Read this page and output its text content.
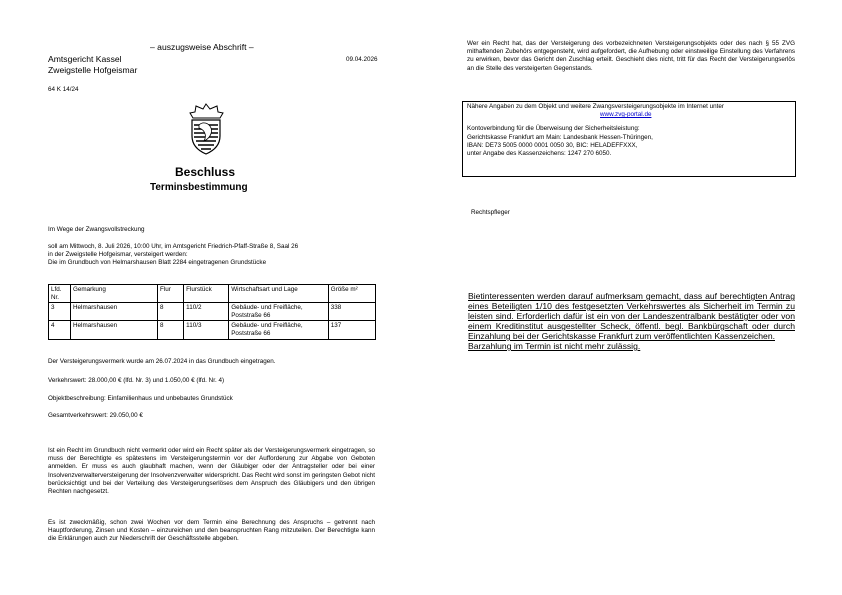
– auszugsweise Abschrift –
Amtsgericht Kassel
Zweigstelle Hofgeismar
09.04.2026
64 K 14/24
Beschluss
Terminsbestimmung
Im Wege der Zwangsvollstreckung
soll am Mittwoch, 8. Juli 2026, 10:00 Uhr, im Amtsgericht Friedrich-Pfaff-Straße 8, Saal 26
in der Zweigstelle Hofgeismar, versteigert werden:
Die im Grundbuch von Helmarshausen Blatt 2284 eingetragenen Grundstücke
Lfd. Nr.	Gemarkung	Flur	Flurstück	Wirtschaftsart und Lage	Größe m²
3	Helmarshausen	8	110/2	Gebäude- und Freifläche, Poststraße 66	338
4	Helmarshausen	8	110/3	Gebäude- und Freifläche, Poststraße 66	137
Der Versteigerungsvermerk wurde am 26.07.2024 in das Grundbuch eingetragen.
Verkehrswert: 28.000,00 € (lfd. Nr. 3) und 1.050,00 € (lfd. Nr. 4)
Objektbeschreibung: Einfamilienhaus und unbebautes Grundstück
Gesamtverkehrswert: 29.050,00 €
Ist ein Recht im Grundbuch nicht vermerkt oder wird ein Recht später als der Versteigerungsvermerk eingetragen, so muss der Berechtigte es spätestens im Versteigerungstermin vor der Aufforderung zur Abgabe von Geboten anmelden. Er muss es auch glaubhaft machen, wenn der Gläubiger oder der Antragsteller oder bei einer Insolvenzverwalterversteigerung der Insolvenzverwalter widerspricht. Das Recht wird sonst im geringsten Gebot nicht berücksichtigt und bei der Verteilung des Versteigerungserlöses dem Anspruch des Gläubigers und den übrigen Rechten nachgesetzt.
Es ist zweckmäßig, schon zwei Wochen vor dem Termin eine Berechnung des Anspruchs – getrennt nach Hauptforderung, Zinsen und Kosten – einzureichen und den beanspruchten Rang mitzuteilen. Der Berechtigte kann die Erklärungen auch zur Niederschrift der Geschäftsstelle abgeben.
Wer ein Recht hat, das der Versteigerung des vorbezeichneten Versteigerungsobjekts oder des nach § 55 ZVG mithaftenden Zubehörs entgegensteht, wird aufgefordert, die Aufhebung oder einstweilige Einstellung des Verfahrens zu erwirken, bevor das Gericht den Zuschlag erteilt. Geschieht dies nicht, tritt für das Recht der Versteigerungserlös an die Stelle des versteigerten Gegenstands.
Nähere Angaben zu dem Objekt und weitere Zwangsversteigerungsobjekte im Internet unter
www.zvg-portal.de
Kontoverbindung für die Überweisung der Sicherheitsleistung:
Gerichtskasse Frankfurt am Main: Landesbank Hessen-Thüringen,
IBAN: DE73 5005 0000 0001 0050 30, BIC: HELADEFFXXX,
unter Angabe des Kassenzeichens: 1247 270 6050.
Rechtspfleger
Bietinteressenten werden darauf aufmerksam gemacht, dass auf berechtigten Antrag eines Beteiligten 1/10 des festgesetzten Verkehrswertes als Sicherheit im Termin zu leisten sind. Erforderlich dafür ist ein von der Landeszentralbank bestätigter oder von einem Kreditinstitut ausgestellter Scheck, öffentl. begl. Bankbürgschaft oder durch Einzahlung bei der Gerichtskasse Frankfurt zum veröffentlichten Kassenzeichen.
Barzahlung im Termin ist nicht mehr zulässig.
